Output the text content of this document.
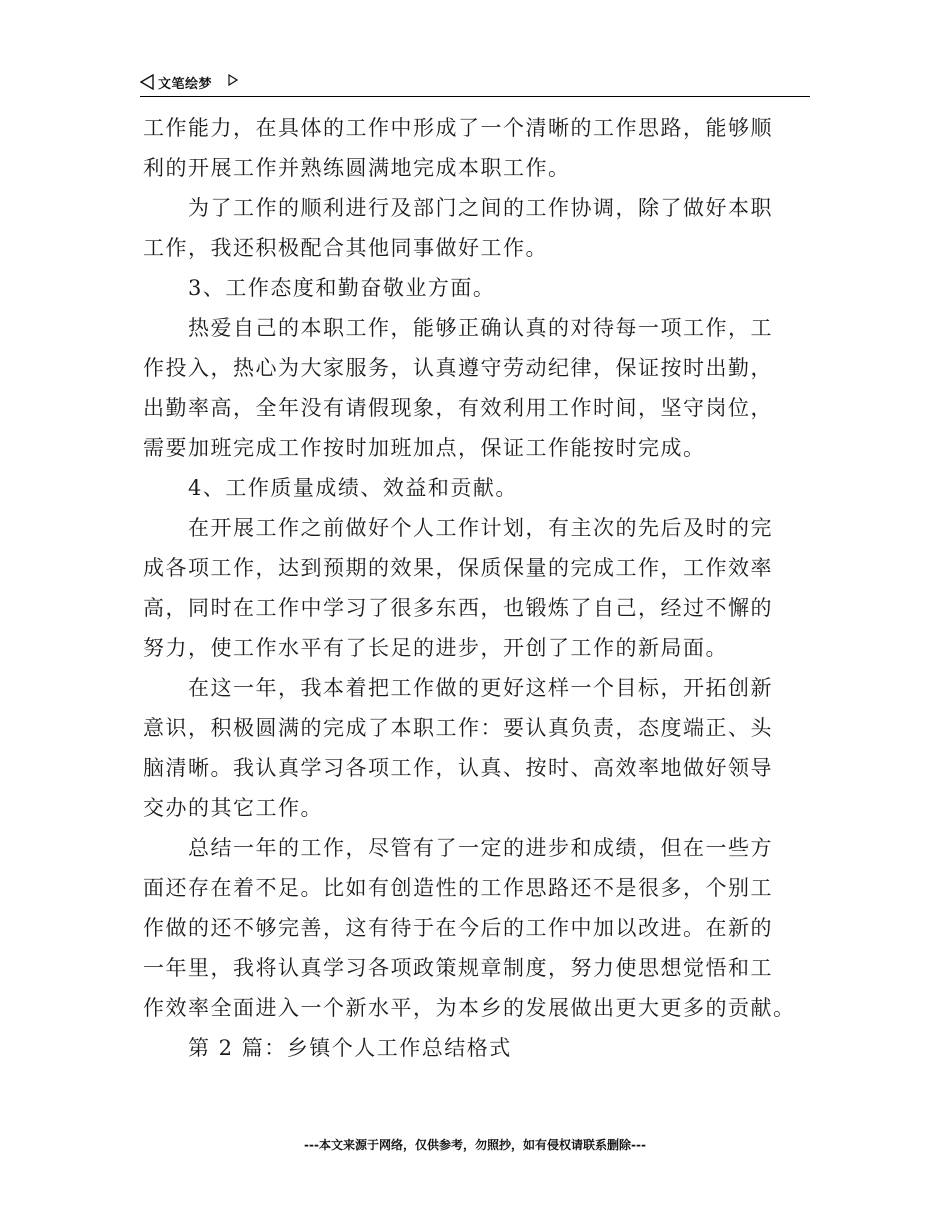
文笔绘梦
工作能力，在具体的工作中形成了一个清晰的工作思路，能够顺
利的开展工作并熟练圆满地完成本职工作。
为了工作的顺利进行及部门之间的工作协调，除了做好本职
工作，我还积极配合其他同事做好工作。
3、工作态度和勤奋敬业方面。
热爱自己的本职工作，能够正确认真的对待每一项工作，工
作投入，热心为大家服务，认真遵守劳动纪律，保证按时出勤，
出勤率高，全年没有请假现象，有效利用工作时间，坚守岗位，
需要加班完成工作按时加班加点，保证工作能按时完成。
4、工作质量成绩、效益和贡献。
在开展工作之前做好个人工作计划，有主次的先后及时的完
成各项工作，达到预期的效果，保质保量的完成工作，工作效率
高，同时在工作中学习了很多东西，也锻炼了自己，经过不懈的
努力，使工作水平有了长足的进步，开创了工作的新局面。
在这一年，我本着把工作做的更好这样一个目标，开拓创新
意识，积极圆满的完成了本职工作：要认真负责，态度端正、头
脑清晰。我认真学习各项工作，认真、按时、高效率地做好领导
交办的其它工作。
总结一年的工作，尽管有了一定的进步和成绩，但在一些方
面还存在着不足。比如有创造性的工作思路还不是很多，个别工
作做的还不够完善，这有待于在今后的工作中加以改进。在新的
一年里，我将认真学习各项政策规章制度，努力使思想觉悟和工
作效率全面进入一个新水平，为本乡的发展做出更大更多的贡献。
第 2 篇：乡镇个人工作总结格式
---本文来源于网络，仅供参考，勿照抄，如有侵权请联系删除---
